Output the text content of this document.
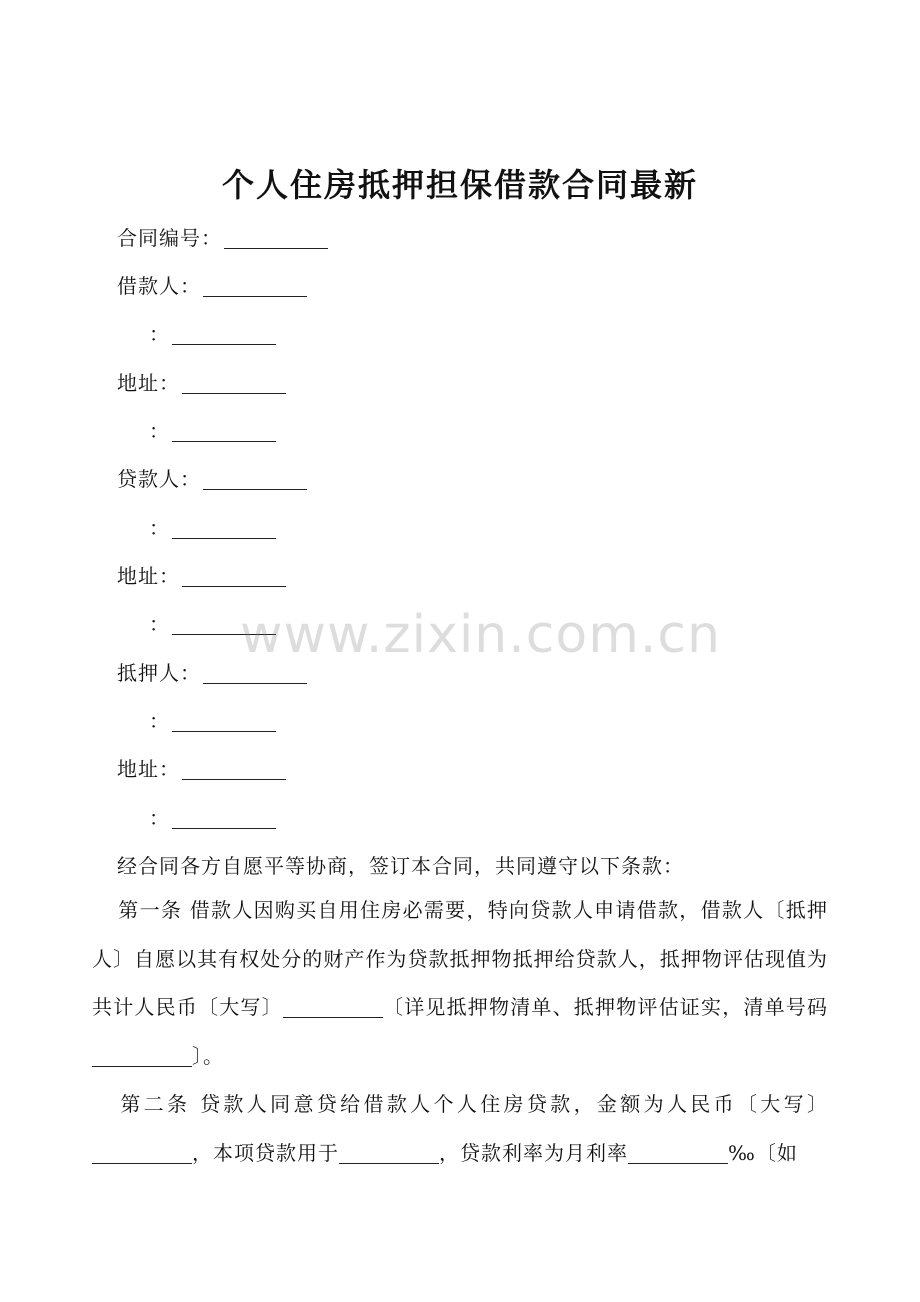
个人住房抵押担保借款合同最新
合同编号：
借款人：
：
地址：
：
贷款人：
：
地址：
：
抵押人：
：
地址：
：
经合同各方自愿平等协商，签订本合同，共同遵守以下条款：
第一条 借款人因购买自用住房必需要，特向贷款人申请借款，借款人〔抵押人〕自愿以其有权处分的财产作为贷款抵押物抵押给贷款人，抵押物评估现值为共计人民币〔大写〕	〔详见抵押物清单、抵押物评估证实，清单号码〕。
第二条 贷款人同意贷给借款人个人住房贷款，金额为人民币〔大写〕，本项贷款用于	，贷款利率为月利率	‰〔如
www.zixin.com.cn
